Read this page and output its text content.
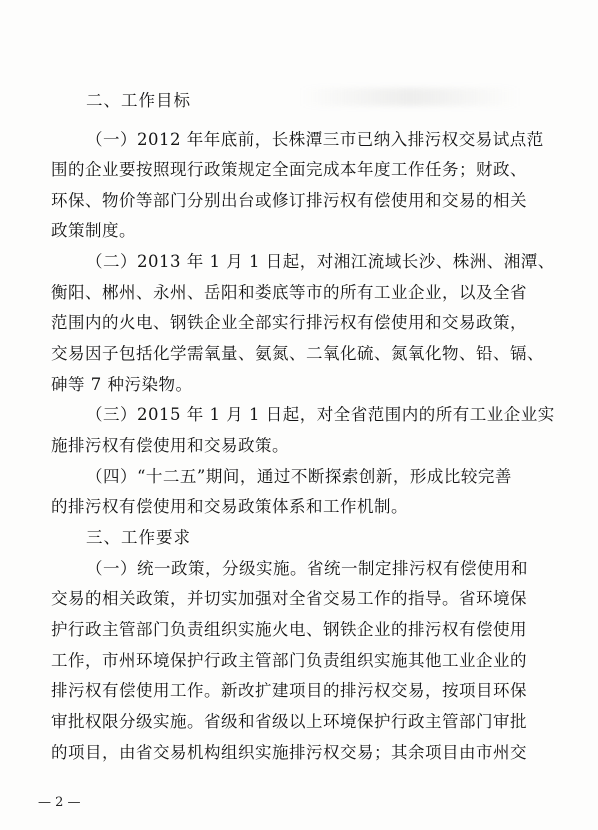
二、工作目标
（一）2012 年年底前，长株潭三市已纳入排污权交易试点范
围的企业要按照现行政策规定全面完成本年度工作任务；财政、
环保、物价等部门分别出台或修订排污权有偿使用和交易的相关
政策制度。
（二）2013 年 1 月 1 日起，对湘江流域长沙、株洲、湘潭、
衡阳、郴州、永州、岳阳和娄底等市的所有工业企业，以及全省
范围内的火电、钢铁企业全部实行排污权有偿使用和交易政策，
交易因子包括化学需氧量、氨氮、二氧化硫、氮氧化物、铅、镉、
砷等 7 种污染物。
（三）2015 年 1 月 1 日起，对全省范围内的所有工业企业实
施排污权有偿使用和交易政策。
（四）“十二五”期间，通过不断探索创新，形成比较完善
的排污权有偿使用和交易政策体系和工作机制。
三、工作要求
（一）统一政策，分级实施。省统一制定排污权有偿使用和
交易的相关政策，并切实加强对全省交易工作的指导。省环境保
护行政主管部门负责组织实施火电、钢铁企业的排污权有偿使用
工作，市州环境保护行政主管部门负责组织实施其他工业企业的
排污权有偿使用工作。新改扩建项目的排污权交易，按项目环保
审批权限分级实施。省级和省级以上环境保护行政主管部门审批
的项目，由省交易机构组织实施排污权交易；其余项目由市州交
— 2 —
